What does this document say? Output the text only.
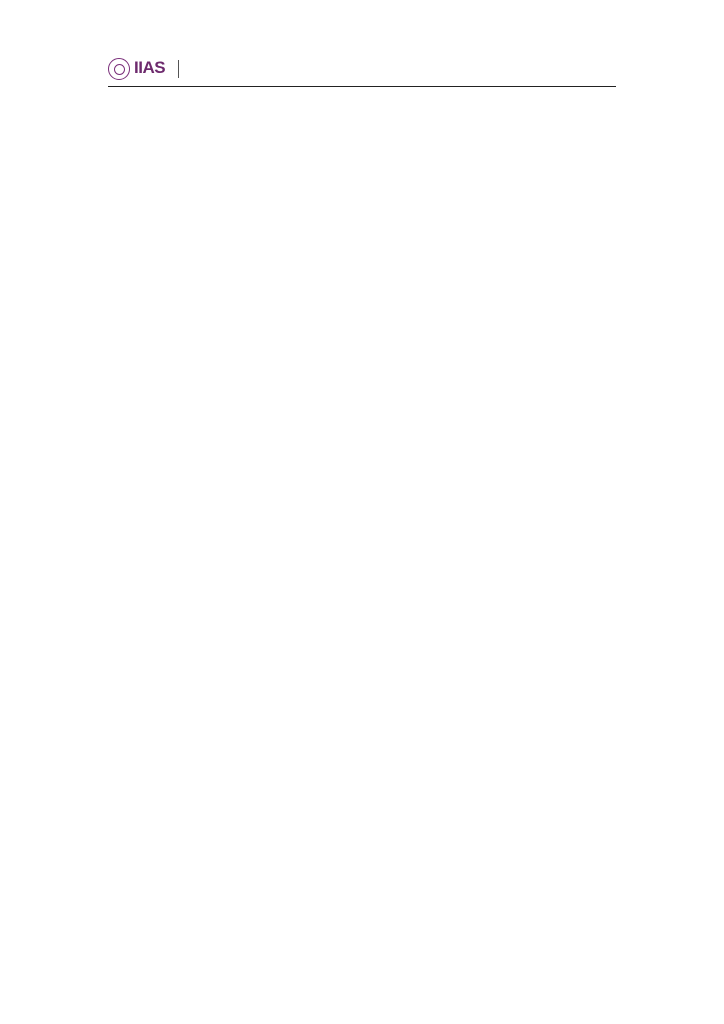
IIAS
